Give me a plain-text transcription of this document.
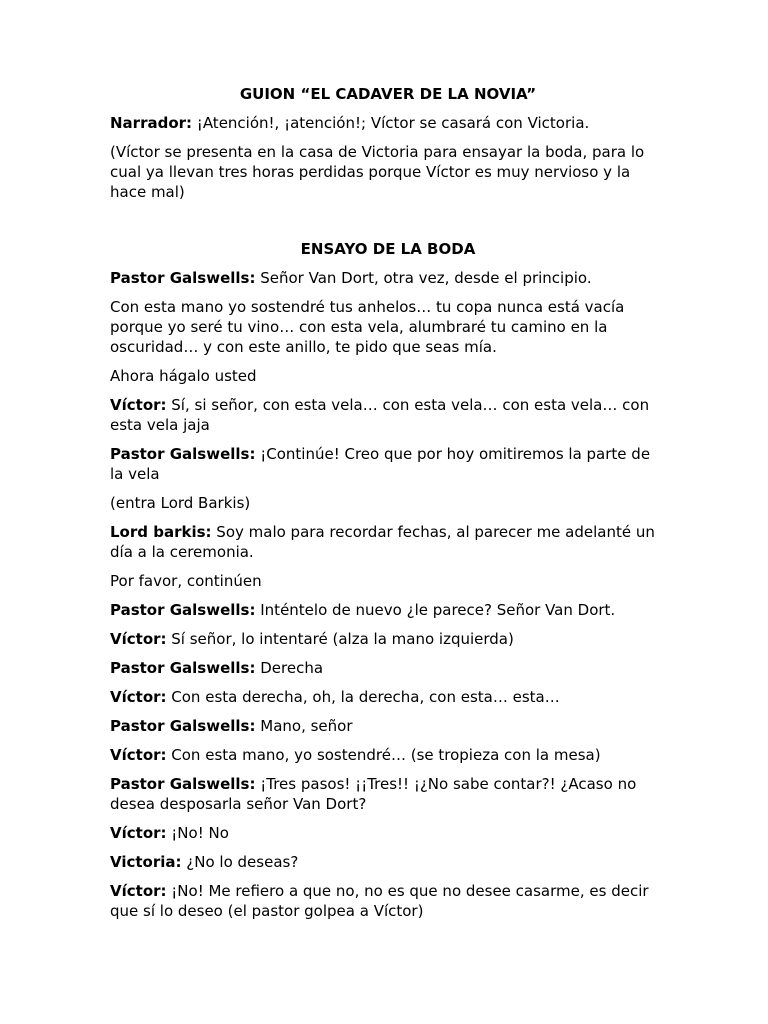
GUION “EL CADAVER DE LA NOVIA”

Narrador: ¡Atención!, ¡atención!; Víctor se casará con Victoria.

(Víctor se presenta en la casa de Victoria para ensayar la boda, para lo cual ya llevan tres horas perdidas porque Víctor es muy nervioso y la hace mal)

ENSAYO DE LA BODA

Pastor Galswells: Señor Van Dort, otra vez, desde el principio.

Con esta mano yo sostendré tus anhelos… tu copa nunca está vacía porque yo seré tu vino… con esta vela, alumbraré tu camino en la oscuridad… y con este anillo, te pido que seas mía.

Ahora hágalo usted

Víctor: Sí, si señor, con esta vela… con esta vela… con esta vela… con esta vela jaja

Pastor Galswells: ¡Continúe! Creo que por hoy omitiremos la parte de la vela

(entra Lord Barkis)

Lord barkis: Soy malo para recordar fechas, al parecer me adelanté un día a la ceremonia.

Por favor, continúen

Pastor Galswells: Inténtelo de nuevo ¿le parece? Señor Van Dort.

Víctor: Sí señor, lo intentaré (alza la mano izquierda)

Pastor Galswells: Derecha

Víctor: Con esta derecha, oh, la derecha, con esta… esta…

Pastor Galswells: Mano, señor

Víctor: Con esta mano, yo sostendré… (se tropieza con la mesa)

Pastor Galswells: ¡Tres pasos! ¡¡Tres!! ¡¿No sabe contar?! ¿Acaso no desea desposarla señor Van Dort?

Víctor: ¡No! No

Victoria: ¿No lo deseas?

Víctor: ¡No! Me refiero a que no, no es que no desee casarme, es decir que sí lo deseo (el pastor golpea a Víctor)
